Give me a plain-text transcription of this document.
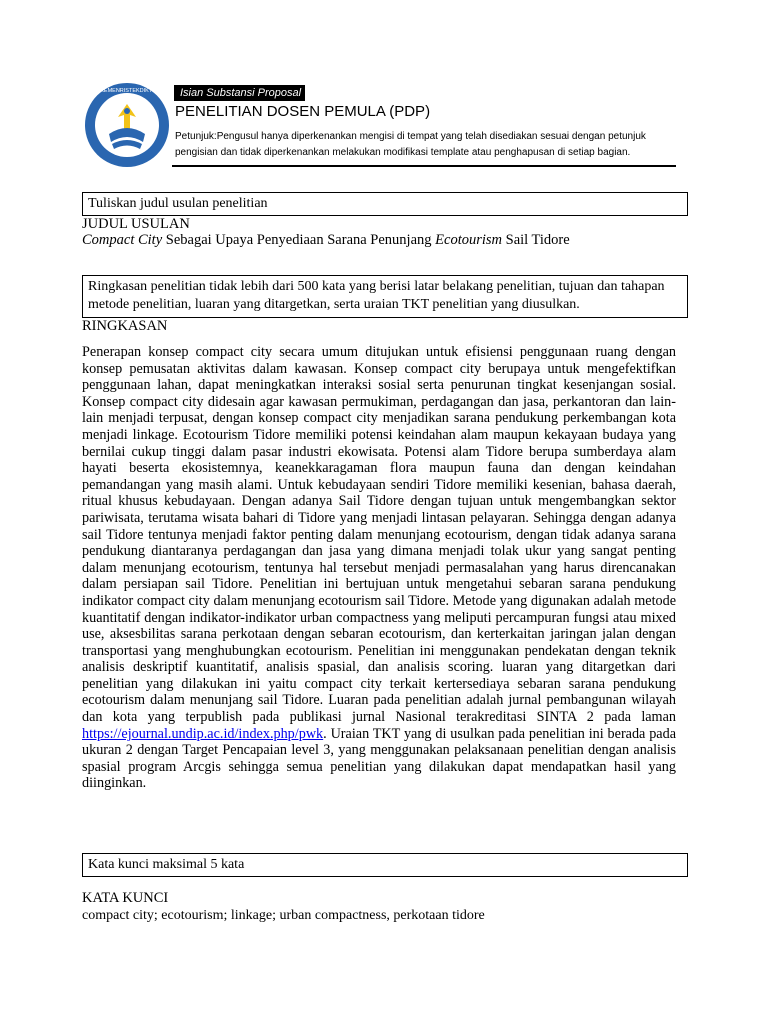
KEMENRISTEKDIKTI	Isian Substansi Proposal
PENELITIAN DOSEN PEMULA (PDP)
Petunjuk:Pengusul hanya diperkenankan mengisi di tempat yang telah disediakan sesuai dengan petunjuk pengisian dan tidak diperkenankan melakukan modifikasi template atau penghapusan di setiap bagian.
Tuliskan judul usulan penelitian
JUDUL USULAN
Compact City Sebagai Upaya Penyediaan Sarana Penunjang Ecotourism Sail Tidore
Ringkasan penelitian tidak lebih dari 500 kata yang berisi latar belakang penelitian, tujuan dan tahapan metode penelitian, luaran yang ditargetkan, serta uraian TKT penelitian yang diusulkan.
RINGKASAN

Penerapan konsep compact city secara umum ditujukan untuk efisiensi penggunaan ruang dengan konsep pemusatan aktivitas dalam kawasan. Konsep compact city berupaya untuk mengefektifkan penggunaan lahan, dapat meningkatkan interaksi sosial serta penurunan tingkat kesenjangan sosial. Konsep compact city didesain agar kawasan permukiman, perdagangan dan jasa, perkantoran dan lain-lain menjadi terpusat, dengan konsep compact city menjadikan sarana pendukung perkembangan kota menjadi linkage. Ecotourism Tidore memiliki potensi keindahan alam maupun kekayaan budaya yang bernilai cukup tinggi dalam pasar industri ekowisata. Potensi alam Tidore berupa sumberdaya alam hayati beserta ekosistemnya, keanekkaragaman flora maupun fauna dan dengan keindahan pemandangan yang masih alami. Untuk kebudayaan sendiri Tidore memiliki kesenian, bahasa daerah, ritual khusus kebudayaan. Dengan adanya Sail Tidore dengan tujuan untuk mengembangkan sektor pariwisata, terutama wisata bahari di Tidore yang menjadi lintasan pelayaran. Sehingga dengan adanya sail Tidore tentunya menjadi faktor penting dalam menunjang ecotourism, dengan tidak adanya sarana pendukung diantaranya perdagangan dan jasa yang dimana menjadi tolak ukur yang sangat penting dalam menunjang ecotourism, tentunya hal tersebut menjadi permasalahan yang harus direncanakan dalam persiapan sail Tidore. Penelitian ini bertujuan untuk mengetahui sebaran sarana pendukung indikator compact city dalam menunjang ecotourism sail Tidore. Metode yang digunakan adalah metode kuantitatif dengan indikator-indikator urban compactness yang meliputi percampuran fungsi atau mixed use, aksesbilitas sarana perkotaan dengan sebaran ecotourism, dan kerterkaitan jaringan jalan dengan transportasi yang menghubungkan ecotourism. Penelitian ini menggunakan pendekatan dengan teknik analisis deskriptif kuantitatif, analisis spasial, dan analisis scoring. luaran yang ditargetkan dari penelitian yang dilakukan ini yaitu compact city terkait kertersediaya sebaran sarana pendukung ecotourism dalam menunjang sail Tidore. Luaran pada penelitian adalah jurnal pembangunan wilayah dan kota yang terpublish pada publikasi jurnal Nasional terakreditasi SINTA 2 pada laman https://ejournal.undip.ac.id/index.php/pwk. Uraian TKT yang di usulkan pada penelitian ini berada pada ukuran 2 dengan Target Pencapaian level 3, yang menggunakan pelaksanaan penelitian dengan analisis spasial program Arcgis sehingga semua penelitian yang dilakukan dapat mendapatkan hasil yang diinginkan.

Kata kunci maksimal 5 kata
KATA KUNCI
compact city; ecotourism; linkage; urban compactness, perkotaan tidore
